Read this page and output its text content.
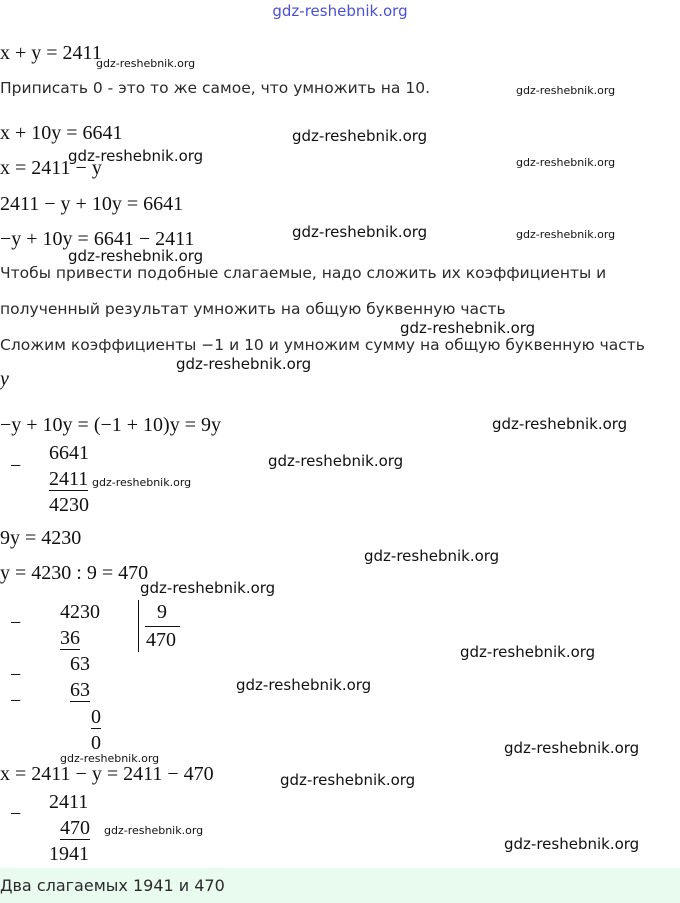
gdz-reshebnik.org
x + y = 2411
Приписать 0 - это то же самое, что умножить на 10.
x + 10y = 6641
x = 2411 − y
2411 − y + 10y = 6641
−y + 10y = 6641 − 2411
Чтобы привести подобные слагаемые, надо сложить их коэффициенты и
полученный результат умножить на общую буквенную часть
Сложим коэффициенты −1 и 10 и умножим сумму на общую буквенную часть
y
−y + 10y = (−1 + 10)y = 9y
−
6641
2411
4230
9y = 4230
y = 4230 : 9 = 470
− 4230
36
9
470
− 63
− 63
0
0
x = 2411 − y = 2411 − 470
−
2411
470
1941
Два слагаемых 1941 и 470
gdz-reshebnik.org
gdz-reshebnik.org
gdz-reshebnik.org
gdz-reshebnik.org
gdz-reshebnik.org
gdz-reshebnik.org
gdz-reshebnik.org
gdz-reshebnik.org
gdz-reshebnik.org
gdz-reshebnik.org
gdz-reshebnik.org
gdz-reshebnik.org
gdz-reshebnik.org
gdz-reshebnik.org
gdz-reshebnik.org
gdz-reshebnik.org
gdz-reshebnik.org
gdz-reshebnik.org
gdz-reshebnik.org
gdz-reshebnik.org
gdz-reshebnik.org
gdz-reshebnik.org
